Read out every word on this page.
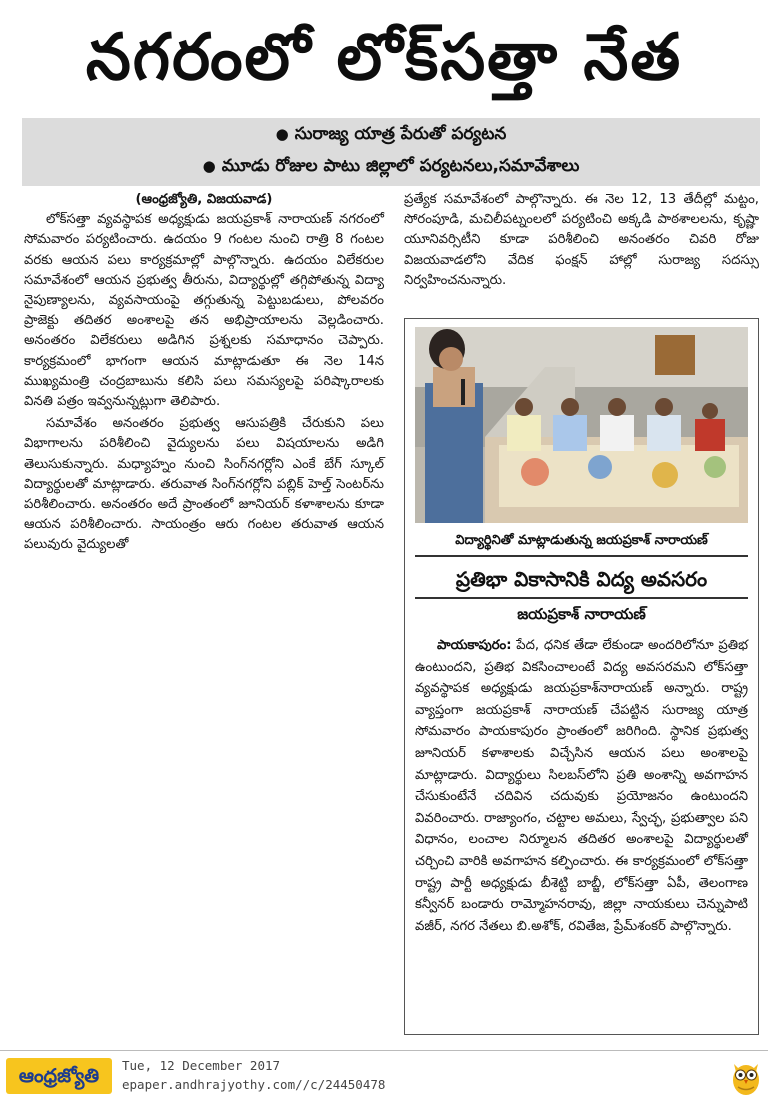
నగరంలో లోక్‌సత్తా నేత
● సురాజ్య యాత్ర పేరుతో పర్యటన
● మూడు రోజుల పాటు జిల్లాలో పర్యటనలు,సమావేశాలు

(ఆంధ్రజ్యోతి, విజయవాడ)

లోక్‌సత్తా వ్యవస్థాపక అధ్యక్షుడు జయప్రకాశ్ నారాయణ్ నగరంలో సోమవారం పర్యటించారు. ఉదయం 9 గంటల నుంచి రాత్రి 8 గంటల వరకు ఆయన పలు కార్యక్రమాల్లో పాల్గొన్నారు. ఉదయం విలేకరుల సమావేశంలో ఆయన ప్రభుత్వ తీరును, విద్యార్థుల్లో తగ్గిపోతున్న విద్యా నైపుణ్యాలను, వ్యవసాయంపై తగ్గుతున్న పెట్టుబడులు, పోలవరం ప్రాజెక్టు తదితర అంశాలపై తన అభిప్రాయాలను వెల్లడించారు. అనంతరం విలేకరులు అడిగిన ప్రశ్నలకు సమాధానం చెప్పారు. కార్యక్రమంలో భాగంగా ఆయన మాట్లాడుతూ ఈ నెల 14న ముఖ్యమంత్రి చంద్రబాబును కలిసి పలు సమస్యలపై పరిష్కారాలకు వినతి పత్రం ఇవ్వనున్నట్లుగా తెలిపారు.

సమావేశం అనంతరం ప్రభుత్వ ఆసుపత్రికి చేరుకుని పలు విభాగాలను పరిశీలించి వైద్యులను పలు విషయాలను అడిగి తెలుసుకున్నారు. మధ్యాహ్నం నుంచి సింగ్‌నగర్లోని ఎంకే బేగ్ స్కూల్ విద్యార్థులతో మాట్లాడారు. తరువాత సింగ్‌నగర్లోని పబ్లిక్ హెల్త్ సెంటర్‌ను పరిశీలించారు. అనంతరం అదే ప్రాంతంలో జూనియర్ కళాశాలను కూడా ఆయన పరిశీలించారు. సాయంత్రం ఆరు గంటల తరువాత ఆయన పలువురు వైద్యులతో

ప్రత్యేక సమావేశంలో పాల్గొన్నారు. ఈ నెల 12, 13 తేదీల్లో మట్టం, సోరంపూడి, మచిలీపట్నంలలో పర్యటించి అక్కడి పాఠశాలలను, కృష్ణా యూనివర్సిటీని కూడా పరిశీలించి అనంతరం చివరి రోజు విజయవాడలోని వేదిక ఫంక్షన్ హాల్లో సురాజ్య సదస్సు నిర్వహించనున్నారు.

విద్యార్థినితో మాట్లాడుతున్న జయప్రకాశ్ నారాయణ్
ప్రతిభా వికాసానికి విద్య అవసరం
జయప్రకాశ్ నారాయణ్
పాయకాపురం: పేద, ధనిక తేడా లేకుండా అందరిలోనూ ప్రతిభ ఉంటుందని, ప్రతిభ వికసించాలంటే విద్య అవసరమని లోక్‌సత్తా వ్యవస్థాపక అధ్యక్షుడు జయప్రకాశ్‌నారాయణ్ అన్నారు. రాష్ట్ర వ్యాప్తంగా జయప్రకాశ్ నారాయణ్ చేపట్టిన సురాజ్య యాత్ర సోమవారం పాయకాపురం ప్రాంతంలో జరిగింది. స్థానిక ప్రభుత్వ జూనియర్ కళాశాలకు విచ్చేసిన ఆయన పలు అంశాలపై మాట్లాడారు. విద్యార్థులు సిలబస్‌లోని ప్రతి అంశాన్ని అవగాహన చేసుకుంటేనే చదివిన చదువుకు ప్రయోజనం ఉంటుందని వివరించారు. రాజ్యాంగం, చట్టాల అమలు, స్వేచ్ఛ, ప్రభుత్వాల పని విధానం, లంచాల నిర్మూలన తదితర అంశాలపై విద్యార్థులతో చర్చించి వారికి అవగాహన కల్పించారు. ఈ కార్యక్రమంలో లోక్‌సత్తా రాష్ట్ర పార్టీ అధ్యక్షుడు బీశెట్టి బాబ్జీ, లోక్‌సత్తా ఏపీ, తెలంగాణ కన్వీనర్ బండారు రామ్మోహనరావు, జిల్లా నాయకులు చెన్నుపాటి వజీర్, నగర నేతలు బి.అశోక్, రవితేజ, ప్రేమ్‌శంకర్ పాల్గొన్నారు.
ఆంధ్రజ్యోతి	Tue, 12 December 2017
epaper.andhrajyothy.com//c/24450478
